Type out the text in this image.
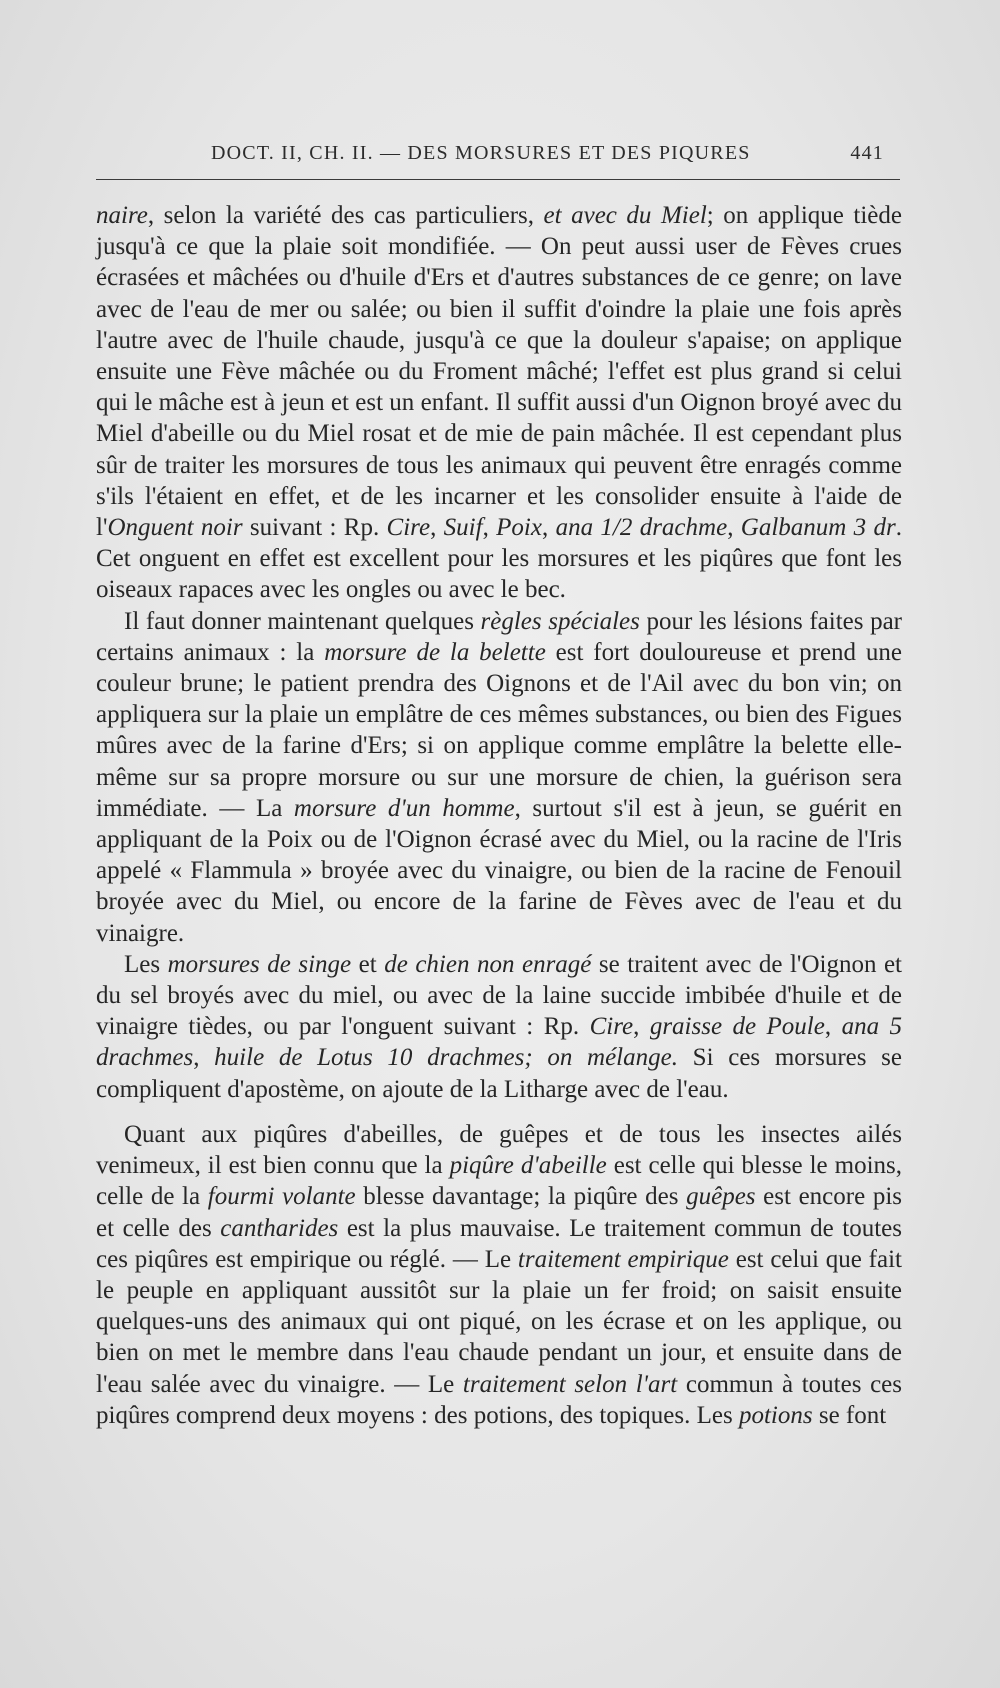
DOCT. II, CH. II. — DES MORSURES ET DES PIQURES	441

naire, selon la variété des cas particuliers, et avec du Miel; on applique tiède jusqu'à ce que la plaie soit mondifiée. — On peut aussi user de Fèves crues écrasées et mâchées ou d'huile d'Ers et d'autres substances de ce genre; on lave avec de l'eau de mer ou salée; ou bien il suffit d'oindre la plaie une fois après l'autre avec de l'huile chaude, jusqu'à ce que la douleur s'apaise; on applique ensuite une Fève mâchée ou du Froment mâché; l'effet est plus grand si celui qui le mâche est à jeun et est un enfant. Il suffit aussi d'un Oignon broyé avec du Miel d'abeille ou du Miel rosat et de mie de pain mâchée. Il est cependant plus sûr de traiter les morsures de tous les animaux qui peuvent être enragés comme s'ils l'étaient en effet, et de les incarner et les consolider ensuite à l'aide de l'Onguent noir suivant : Rp. Cire, Suif, Poix, ana 1/2 drachme, Galbanum 3 dr. Cet onguent en effet est excellent pour les morsures et les piqûres que font les oiseaux rapaces avec les ongles ou avec le bec.

Il faut donner maintenant quelques règles spéciales pour les lésions faites par certains animaux : la morsure de la belette est fort douloureuse et prend une couleur brune; le patient prendra des Oignons et de l'Ail avec du bon vin; on appliquera sur la plaie un emplâtre de ces mêmes substances, ou bien des Figues mûres avec de la farine d'Ers; si on applique comme emplâtre la belette elle-même sur sa propre morsure ou sur une morsure de chien, la guérison sera immédiate. — La morsure d'un homme, surtout s'il est à jeun, se guérit en appliquant de la Poix ou de l'Oignon écrasé avec du Miel, ou la racine de l'Iris appelé « Flammula » broyée avec du vinaigre, ou bien de la racine de Fenouil broyée avec du Miel, ou encore de la farine de Fèves avec de l'eau et du vinaigre.

Les morsures de singe et de chien non enragé se traitent avec de l'Oignon et du sel broyés avec du miel, ou avec de la laine succide imbibée d'huile et de vinaigre tièdes, ou par l'onguent suivant : Rp. Cire, graisse de Poule, ana 5 drachmes, huile de Lotus 10 drachmes; on mélange. Si ces morsures se compliquent d'apostème, on ajoute de la Litharge avec de l'eau.

Quant aux piqûres d'abeilles, de guêpes et de tous les insectes ailés venimeux, il est bien connu que la piqûre d'abeille est celle qui blesse le moins, celle de la fourmi volante blesse davantage; la piqûre des guêpes est encore pis et celle des cantharides est la plus mauvaise. Le traitement commun de toutes ces piqûres est empirique ou réglé. — Le traitement empirique est celui que fait le peuple en appliquant aussitôt sur la plaie un fer froid; on saisit ensuite quelques-uns des animaux qui ont piqué, on les écrase et on les applique, ou bien on met le membre dans l'eau chaude pendant un jour, et ensuite dans de l'eau salée avec du vinaigre. — Le traitement selon l'art commun à toutes ces piqûres comprend deux moyens : des potions, des topiques. Les potions se font
